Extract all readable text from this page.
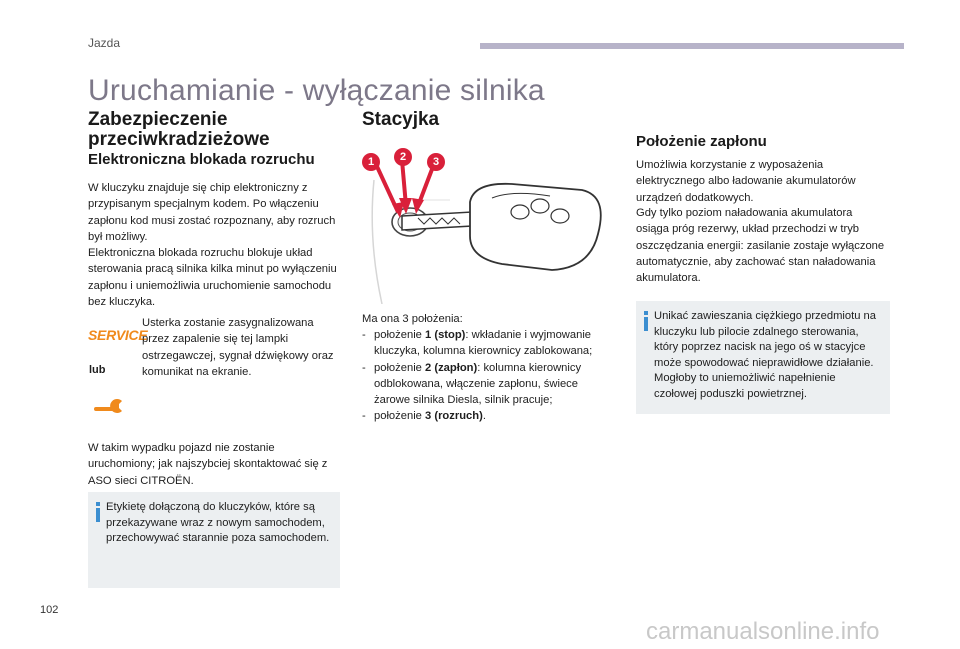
Jazda
Uruchamianie - wyłączanie silnika
Zabezpieczenie przeciwkradzieżowe
Elektroniczna blokada rozruchu
W kluczyku znajduje się chip elektroniczny z przypisanym specjalnym kodem. Po włączeniu zapłonu kod musi zostać rozpoznany, aby rozruch był możliwy.
Elektroniczna blokada rozruchu blokuje układ sterowania pracą silnika kilka minut po wyłączeniu zapłonu i uniemożliwia uruchomienie samochodu bez kluczyka.
SERVICE
lub
Usterka zostanie zasygnalizowana przez zapalenie się tej lampki ostrzegawczej, sygnał dźwiękowy oraz komunikat na ekranie.
W takim wypadku pojazd nie zostanie uruchomiony; jak najszybciej skontaktować się z ASO sieci CITROËN.
Etykietę dołączoną do kluczyków, które są przekazywane wraz z nowym samochodem, przechowywać starannie poza samochodem.
Stacyjka
1	2	3
Ma ona 3 położenia:
- położenie 1 (stop): wkładanie i wyjmowanie kluczyka, kolumna kierownicy zablokowana;
- położenie 2 (zapłon): kolumna kierownicy odblokowana, włączenie zapłonu, świece żarowe silnika Diesla, silnik pracuje;
- położenie 3 (rozruch).
Położenie zapłonu
Umożliwia korzystanie z wyposażenia elektrycznego albo ładowanie akumulatorów urządzeń dodatkowych.
Gdy tylko poziom naładowania akumulatora osiąga próg rezerwy, układ przechodzi w tryb oszczędzania energii: zasilanie zostaje wyłączone automatycznie, aby zachować stan naładowania akumulatora.
Unikać zawieszania ciężkiego przedmiotu na kluczyku lub pilocie zdalnego sterowania, który poprzez nacisk na jego oś w stacyjce może spowodować nieprawidłowe działanie.
Mogłoby to uniemożliwić napełnienie czołowej poduszki powietrznej.
102
carmanualsonline.info
